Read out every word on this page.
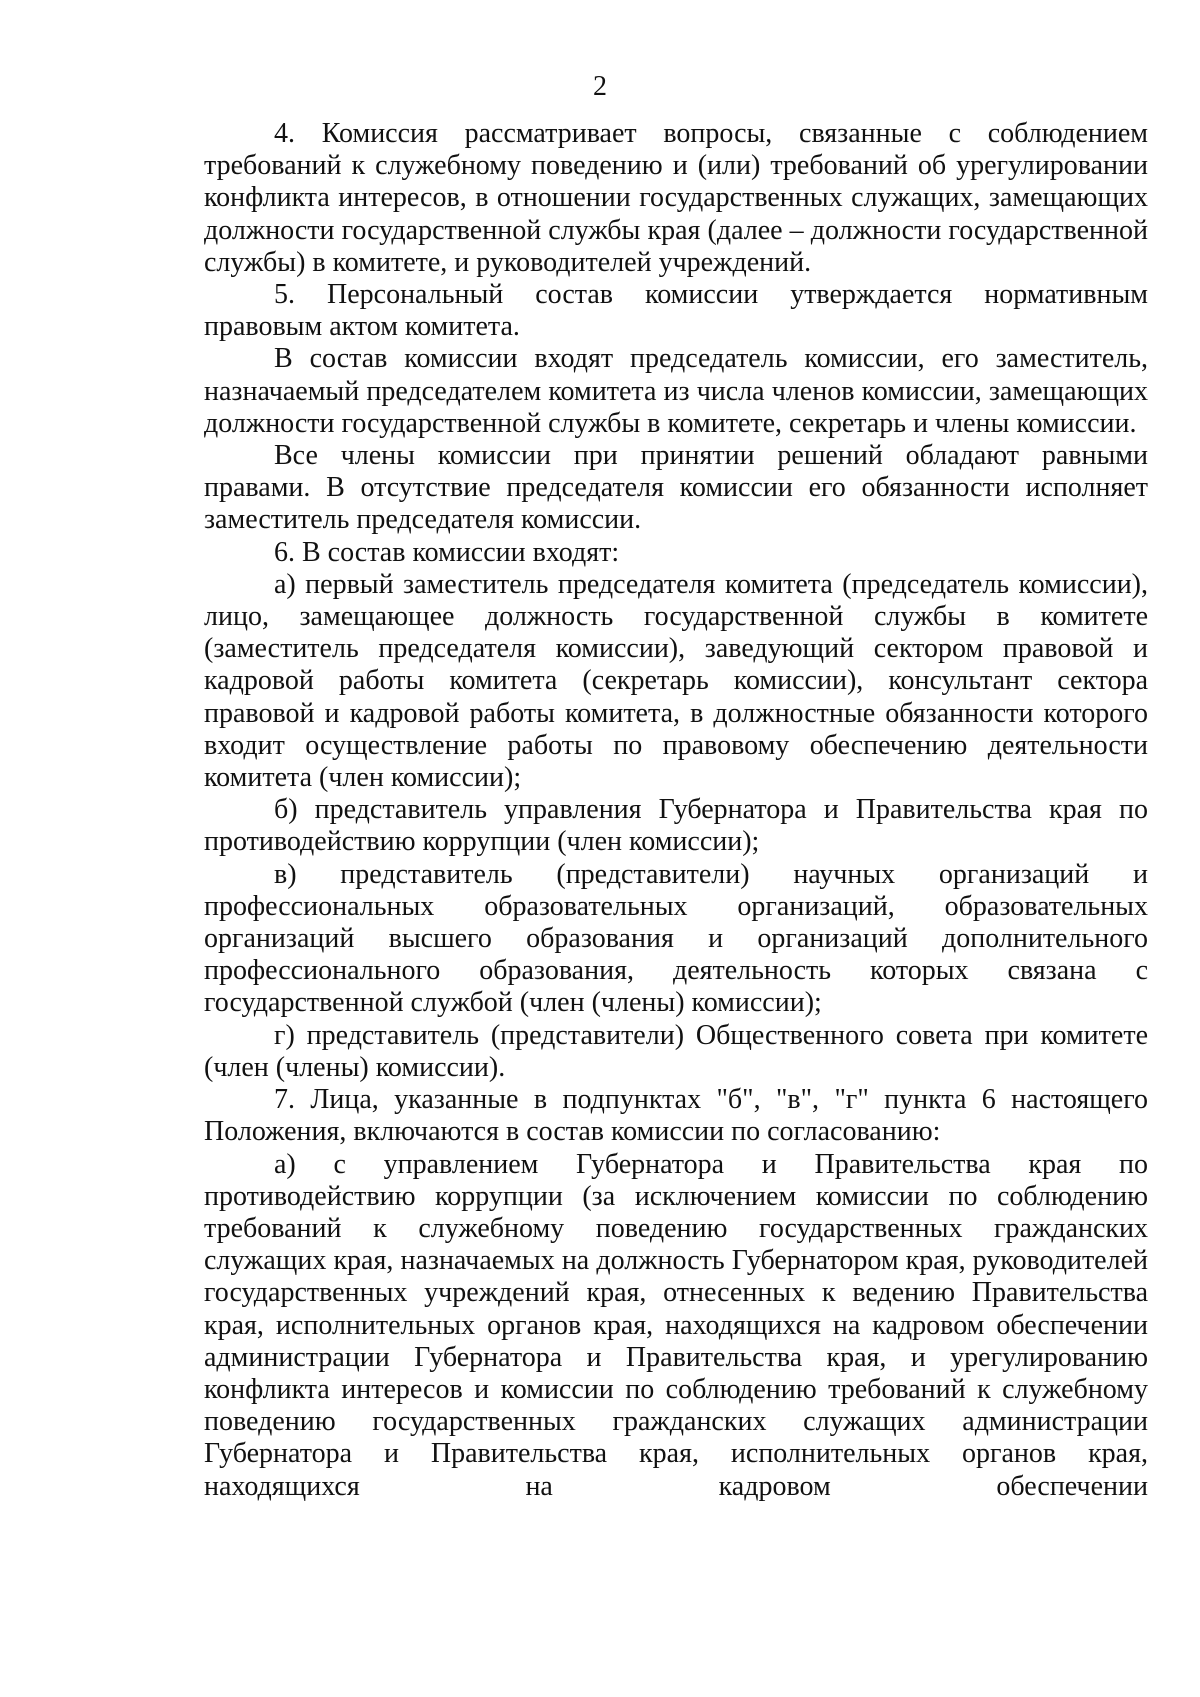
2

4. Комиссия рассматривает вопросы, связанные с соблюдением требований к служебному поведению и (или) требований об урегулировании конфликта интересов, в отношении государственных служащих, замещающих должности государственной службы края (далее – должности государственной службы) в комитете, и руководителей учреждений.

5. Персональный состав комиссии утверждается нормативным правовым актом комитета.

В состав комиссии входят председатель комиссии, его заместитель, назначаемый председателем комитета из числа членов комиссии, замещающих должности государственной службы в комитете, секретарь и члены комиссии.

Все члены комиссии при принятии решений обладают равными правами. В отсутствие председателя комиссии его обязанности исполняет заместитель председателя комиссии.

6. В состав комиссии входят:

а) первый заместитель председателя комитета (председатель комиссии), лицо, замещающее должность государственной службы в комитете (заместитель председателя комиссии), заведующий сектором правовой и кадровой работы комитета (секретарь комиссии), консультант сектора правовой и кадровой работы комитета, в должностные обязанности которого входит осуществление работы по правовому обеспечению деятельности комитета (член комиссии);

б) представитель управления Губернатора и Правительства края по противодействию коррупции (член комиссии);

в) представитель (представители) научных организаций и профессиональных образовательных организаций, образовательных организаций высшего образования и организаций дополнительного профессионального образования, деятельность которых связана с государственной службой (член (члены) комиссии);

г) представитель (представители) Общественного совета при комитете (член (члены) комиссии).

7. Лица, указанные в подпунктах "б", "в", "г" пункта 6 настоящего Положения, включаются в состав комиссии по согласованию:

а) с управлением Губернатора и Правительства края по противодействию коррупции (за исключением комиссии по соблюдению требований к служебному поведению государственных гражданских служащих края, назначаемых на должность Губернатором края, руководителей государственных учреждений края, отнесенных к ведению Правительства края, исполнительных органов края, находящихся на кадровом обеспечении администрации Губернатора и Правительства края, и урегулированию конфликта интересов и комиссии по соблюдению требований к служебному поведению государственных гражданских служащих администрации Губернатора и Правительства края, исполнительных органов края, находящихся на кадровом обеспечении
